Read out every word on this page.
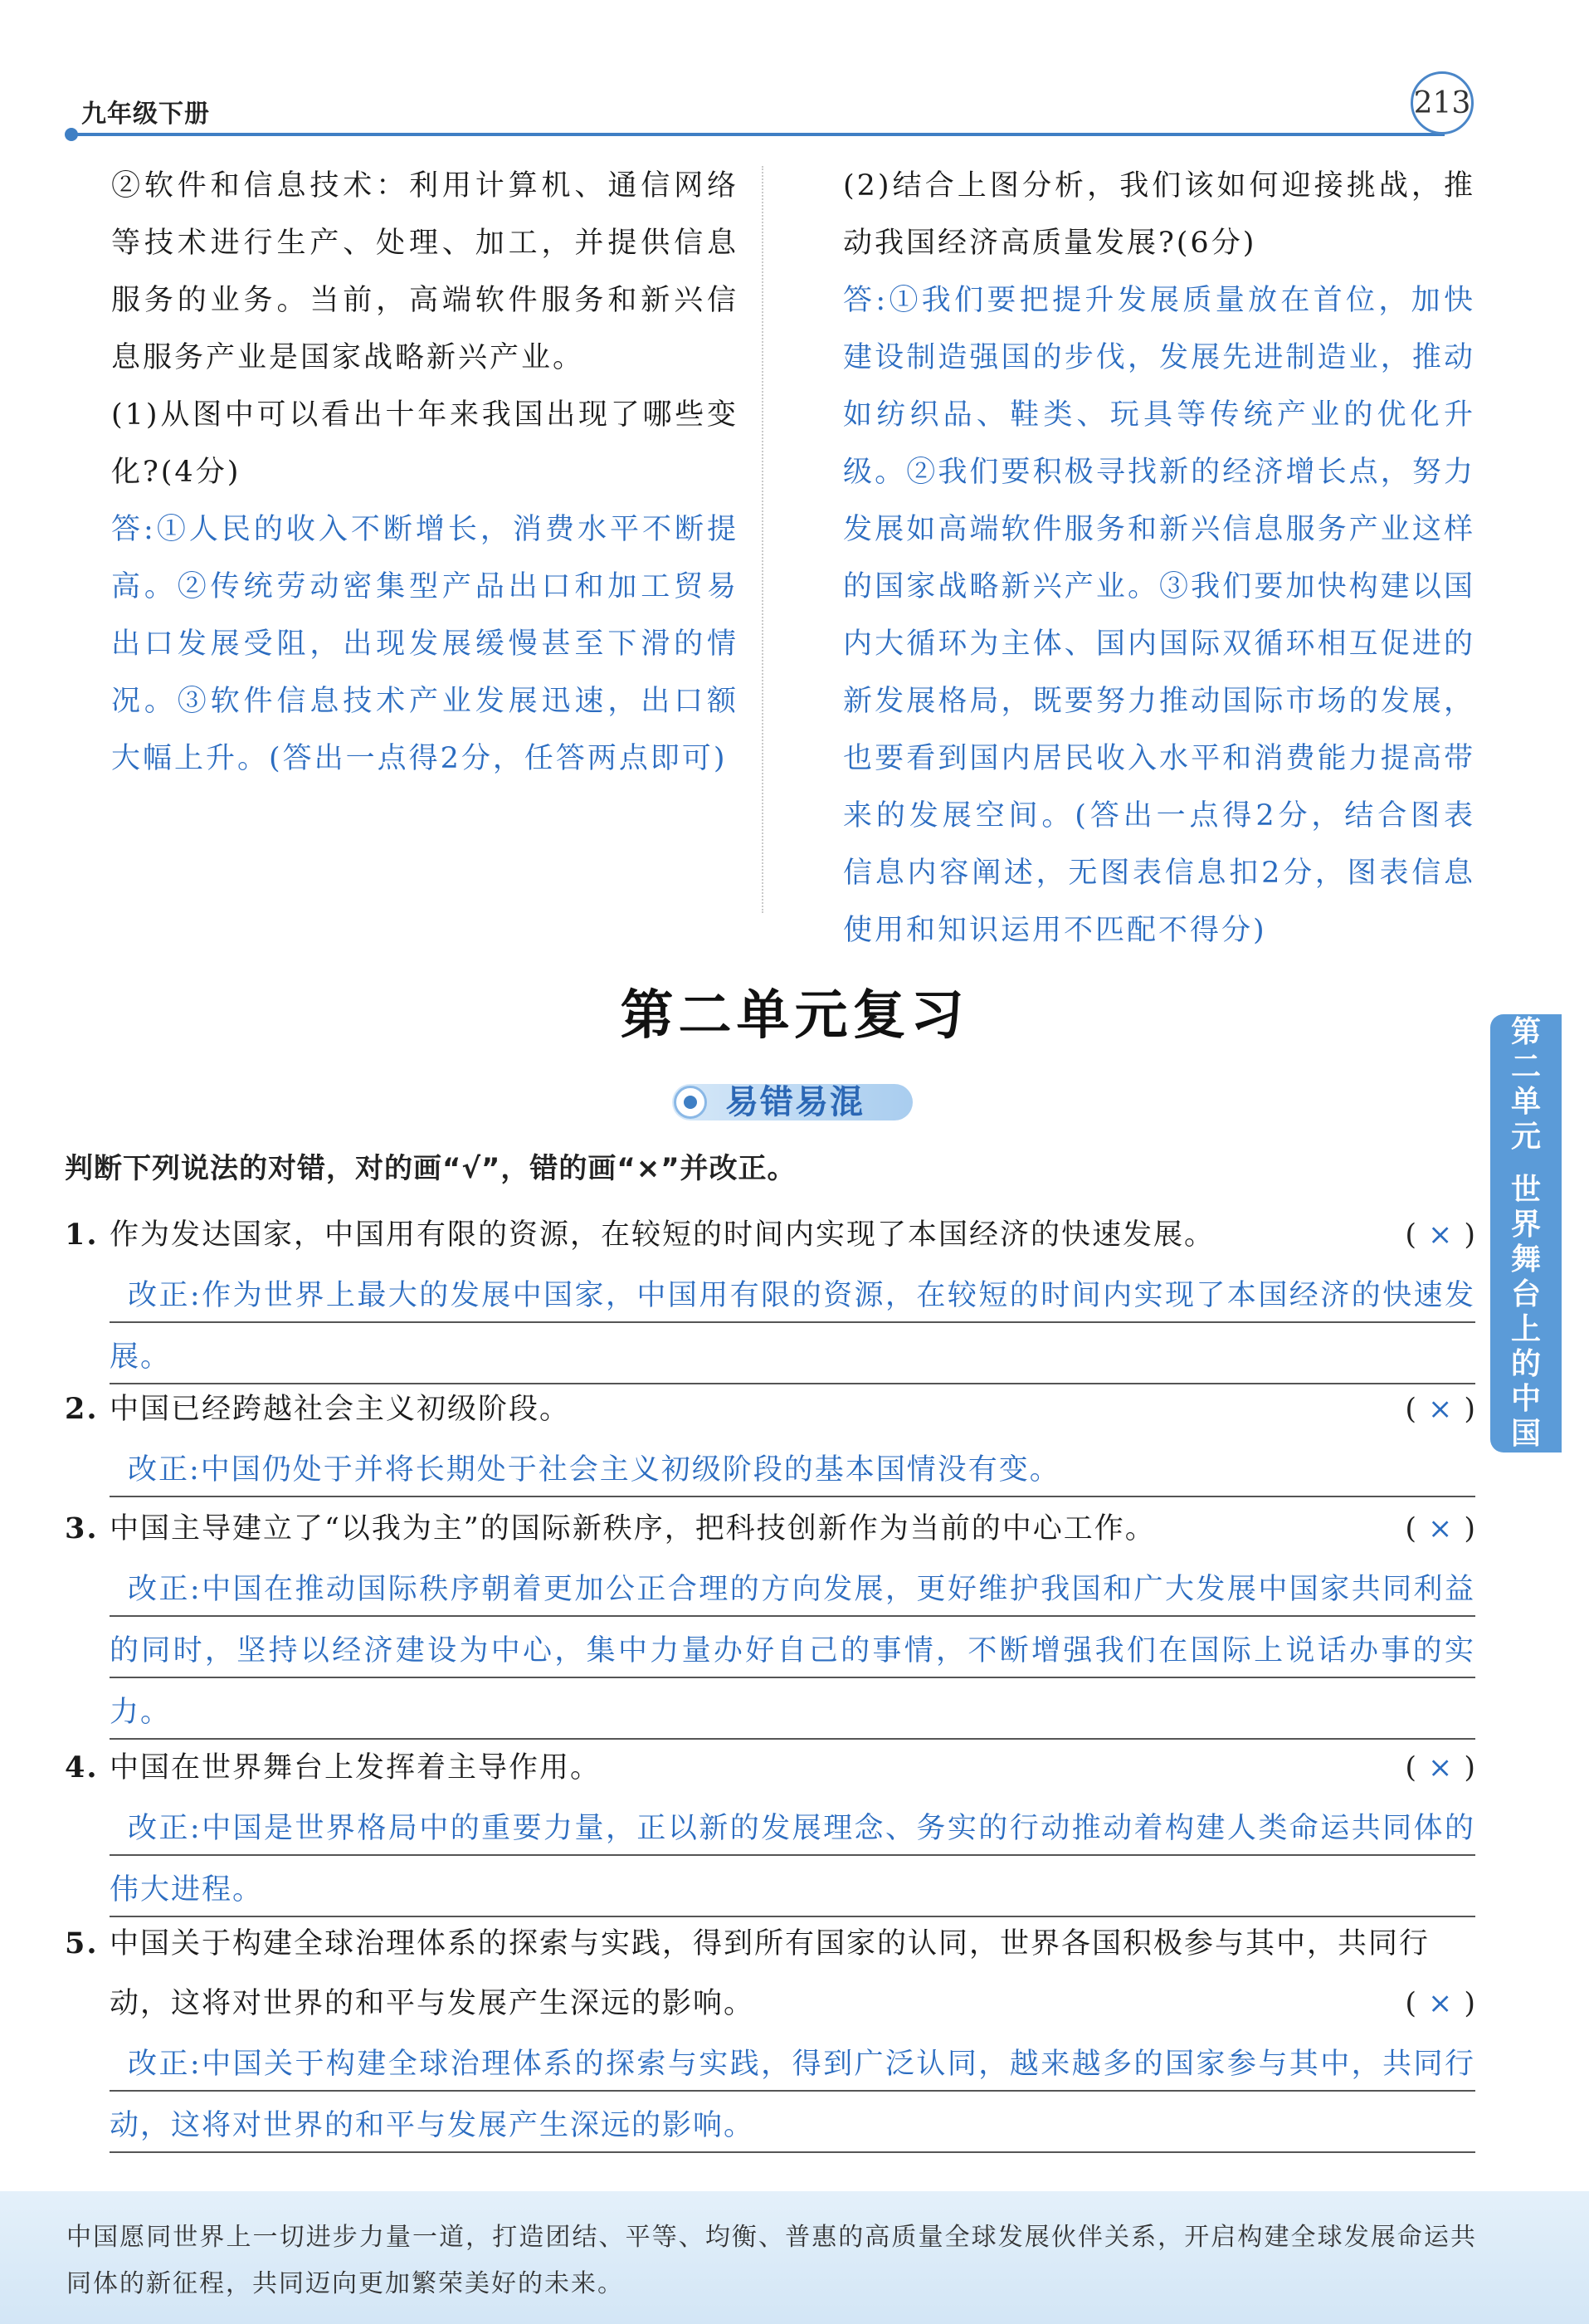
九年级下册	213

②软件和信息技术：利用计算机、通信网络等技术进行生产、处理、加工，并提供信息服务的业务。当前，高端软件服务和新兴信息服务产业是国家战略新兴产业。

(1)从图中可以看出十年来我国出现了哪些变化?(4分)

答:①人民的收入不断增长，消费水平不断提高。②传统劳动密集型产品出口和加工贸易出口发展受阻，出现发展缓慢甚至下滑的情况。③软件信息技术产业发展迅速，出口额大幅上升。(答出一点得2分，任答两点即可)

(2)结合上图分析，我们该如何迎接挑战，推动我国经济高质量发展?(6分)

答:①我们要把提升发展质量放在首位，加快建设制造强国的步伐，发展先进制造业，推动如纺织品、鞋类、玩具等传统产业的优化升级。②我们要积极寻找新的经济增长点，努力发展如高端软件服务和新兴信息服务产业这样的国家战略新兴产业。③我们要加快构建以国内大循环为主体、国内国际双循环相互促进的新发展格局，既要努力推动国际市场的发展，也要看到国内居民收入水平和消费能力提高带来的发展空间。(答出一点得2分，结合图表信息内容阐述，无图表信息扣2分，图表信息使用和知识运用不匹配不得分)

第二单元复习
易错易混
第
二
单
元
世
界
舞
台
上
的
中
国
判断下列说法的对错，对的画“√”，错的画“×”并改正。
1. 作为发达国家，中国用有限的资源，在较短的时间内实现了本国经济的快速发展。	( × )
改正:作为世界上最大的发展中国家，中国用有限的资源，在较短的时间内实现了本国经济的快速发展。
2. 中国已经跨越社会主义初级阶段。	( × )
改正:中国仍处于并将长期处于社会主义初级阶段的基本国情没有变。
3. 中国主导建立了“以我为主”的国际新秩序，把科技创新作为当前的中心工作。	( × )
改正:中国在推动国际秩序朝着更加公正合理的方向发展，更好维护我国和广大发展中国家共同利益的同时，坚持以经济建设为中心，集中力量办好自己的事情，不断增强我们在国际上说话办事的实力。
4. 中国在世界舞台上发挥着主导作用。	( × )
改正:中国是世界格局中的重要力量，正以新的发展理念、务实的行动推动着构建人类命运共同体的伟大进程。
5. 中国关于构建全球治理体系的探索与实践，得到所有国家的认同，世界各国积极参与其中，共同行动，这将对世界的和平与发展产生深远的影响。	( × )
改正:中国关于构建全球治理体系的探索与实践，得到广泛认同，越来越多的国家参与其中，共同行动，这将对世界的和平与发展产生深远的影响。
中国愿同世界上一切进步力量一道，打造团结、平等、均衡、普惠的高质量全球发展伙伴关系，开启构建全球发展命运共同体的新征程，共同迈向更加繁荣美好的未来。
